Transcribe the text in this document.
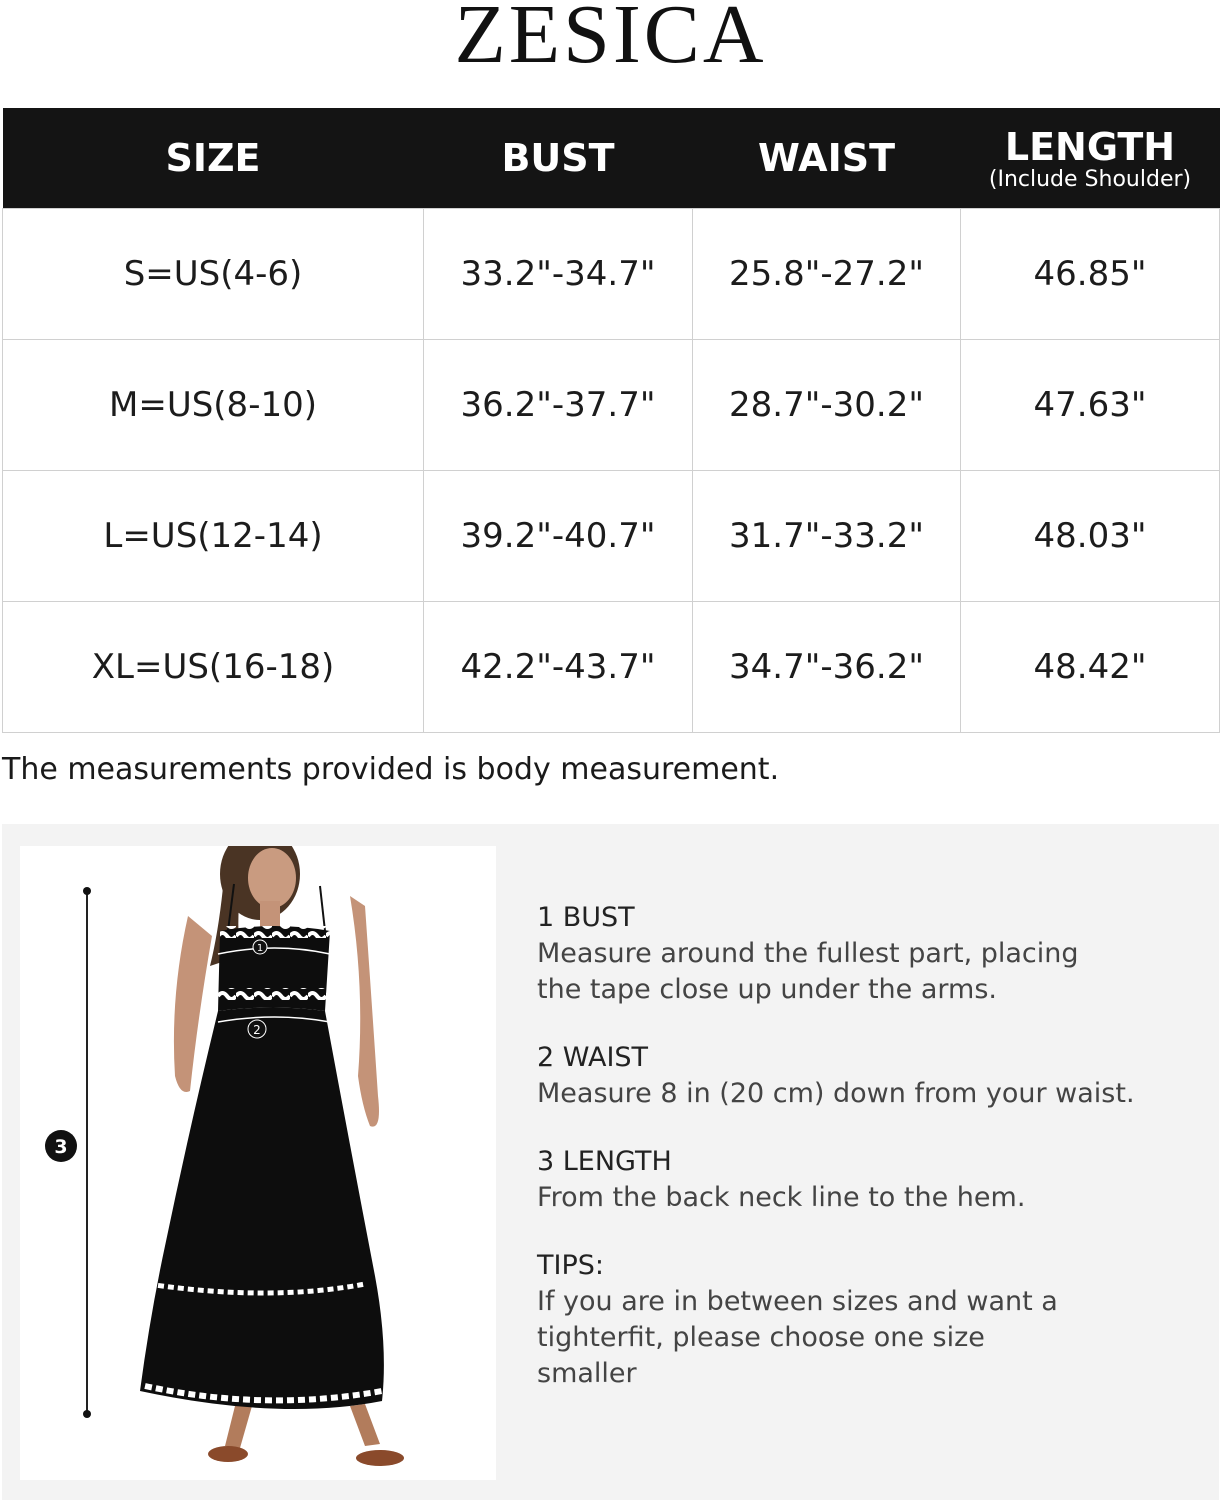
ZESICA
SIZE	BUST	WAIST	LENGTH
(Include Shoulder)

S=US(4-6)	33.2"-34.7"	25.8"-27.2"	46.85"
M=US(8-10)	36.2"-37.7"	28.7"-30.2"	47.63"
L=US(12-14)	39.2"-40.7"	31.7"-33.2"	48.03"
XL=US(16-18)	42.2"-43.7"	34.7"-36.2"	48.42"
The measurements provided is body measurement.
1
2
3
1 BUST
Measure around the fullest part, placing
the tape close up under the arms.
2 WAIST
Measure 8 in (20 cm) down from your waist.
3 LENGTH
From the back neck line to the hem.
TIPS:
If you are in between sizes and want a
tighterfit, please choose one size
smaller
